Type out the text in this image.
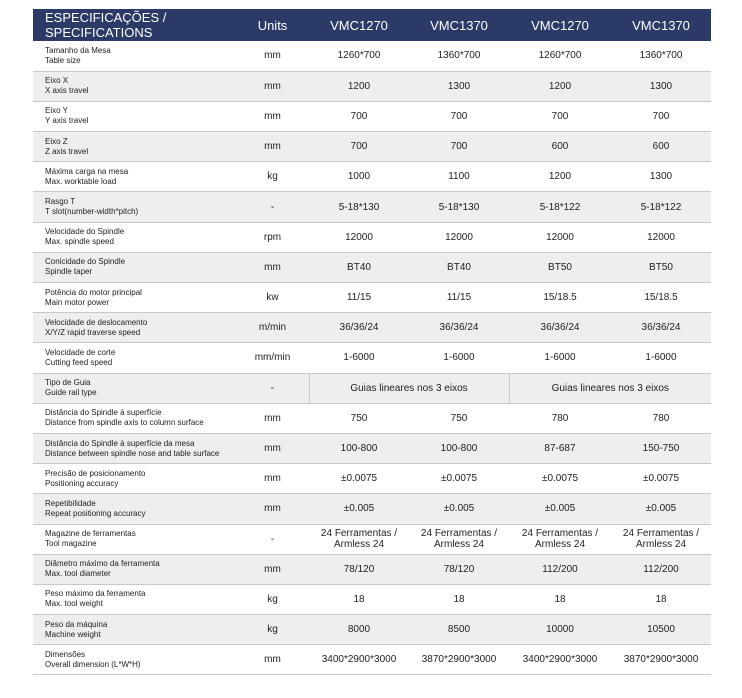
ESPECIFICAÇÕES / SPECIFICATIONS	Units	VMC1270	VMC1370	VMC1270	VMC1370

Tamanho da Mesa
Table size	mm	1260*700	1360*700	1260*700	1360*700

Eixo X
X axis travel	mm	1200	1300	1200	1300

Eixo Y
Y axis travel	mm	700	700	700	700

Eixo Z
Z axis travel	mm	700	700	600	600

Máxima carga na mesa
Max. worktable load	kg	1000	1100	1200	1300

Rasgo T
T slot(number-width*pitch)	-	5-18*130	5-18*130	5-18*122	5-18*122

Velocidade do Spindle
Max. spindle speed	rpm	12000	12000	12000	12000

Conicidade do Spindle
Spindle taper	mm	BT40	BT40	BT50	BT50

Potência do motor principal
Main motor power	kw	11/15	11/15	15/18.5	15/18.5

Velocidade de deslocamento
X/Y/Z rapid traverse speed	m/min	36/36/24	36/36/24	36/36/24	36/36/24

Velocidade de corte
Cutting feed speed	mm/min	1-6000	1-6000	1-6000	1-6000

Tipo de Guia
Guide rail type	-	Guias lineares nos 3 eixos		Guias lineares nos 3 eixos	

Distância do Spindle à superfície
Distance from spindle axis to column surface	mm	750	750	780	780

Distância do Spindle à superfície da mesa
Distance between spindle nose and table surface	mm	100-800	100-800	87-687	150-750

Precisão de posicionamento
Positioning accuracy	mm	±0.0075	±0.0075	±0.0075	±0.0075

Repetibilidade
Repeat positioning accuracy	mm	±0.005	±0.005	±0.005	±0.005

Magazine de ferramentas
Tool magazine	-	24 Ferramentas / Armless 24	24 Ferramentas / Armless 24	24 Ferramentas / Armless 24	24 Ferramentas / Armless 24

Diâmetro máximo da ferramenta
Max. tool diameter	mm	78/120	78/120	112/200	112/200

Peso máximo da ferramenta
Max. tool weight	kg	18	18	18	18

Peso da máquina
Machine weight	kg	8000	8500	10000	10500

Dimensões
Overall dimension (L*W*H)	mm	3400*2900*3000	3870*2900*3000	3400*2900*3000	3870*2900*3000
